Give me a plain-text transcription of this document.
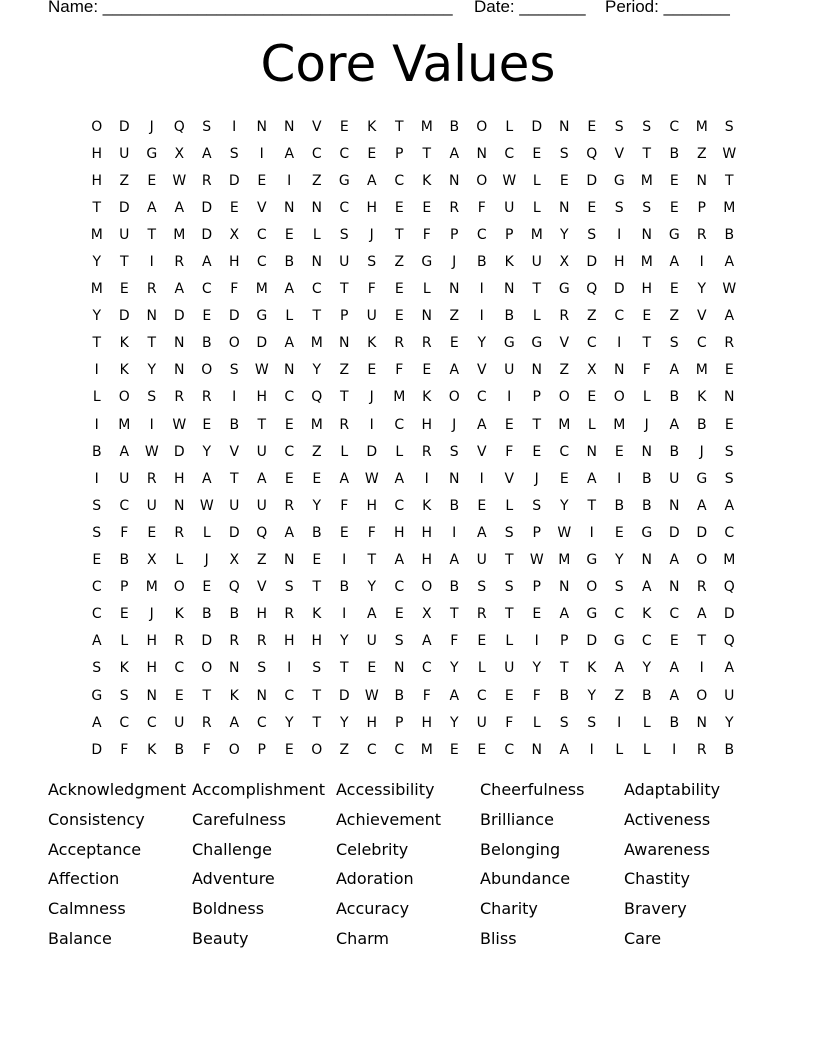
Name: _____________________________________ Date: _______ Period: _______
Core Values
O	D	J	Q	S	I	N	N	V	E	K	T	M	B	O	L	D	N	E	S	S	C	M	S
H	U	G	X	A	S	I	A	C	C	E	P	T	A	N	C	E	S	Q	V	T	B	Z	W
H	Z	E	W	R	D	E	I	Z	G	A	C	K	N	O	W	L	E	D	G	M	E	N	T
T	D	A	A	D	E	V	N	N	C	H	E	E	R	F	U	L	N	E	S	S	E	P	M
M	U	T	M	D	X	C	E	L	S	J	T	F	P	C	P	M	Y	S	I	N	G	R	B
Y	T	I	R	A	H	C	B	N	U	S	Z	G	J	B	K	U	X	D	H	M	A	I	A
M	E	R	A	C	F	M	A	C	T	F	E	L	N	I	N	T	G	Q	D	H	E	Y	W
Y	D	N	D	E	D	G	L	T	P	U	E	N	Z	I	B	L	R	Z	C	E	Z	V	A
T	K	T	N	B	O	D	A	M	N	K	R	R	E	Y	G	G	V	C	I	T	S	C	R
I	K	Y	N	O	S	W	N	Y	Z	E	F	E	A	V	U	N	Z	X	N	F	A	M	E
L	O	S	R	R	I	H	C	Q	T	J	M	K	O	C	I	P	O	E	O	L	B	K	N
I	M	I	W	E	B	T	E	M	R	I	C	H	J	A	E	T	M	L	M	J	A	B	E
B	A	W	D	Y	V	U	C	Z	L	D	L	R	S	V	F	E	C	N	E	N	B	J	S
I	U	R	H	A	T	A	E	E	A	W	A	I	N	I	V	J	E	A	I	B	U	G	S
S	C	U	N	W	U	U	R	Y	F	H	C	K	B	E	L	S	Y	T	B	B	N	A	A
S	F	E	R	L	D	Q	A	B	E	F	H	H	I	A	S	P	W	I	E	G	D	D	C
E	B	X	L	J	X	Z	N	E	I	T	A	H	A	U	T	W	M	G	Y	N	A	O	M
C	P	M	O	E	Q	V	S	T	B	Y	C	O	B	S	S	P	N	O	S	A	N	R	Q
C	E	J	K	B	B	H	R	K	I	A	E	X	T	R	T	E	A	G	C	K	C	A	D
A	L	H	R	D	R	R	H	H	Y	U	S	A	F	E	L	I	P	D	G	C	E	T	Q
S	K	H	C	O	N	S	I	S	T	E	N	C	Y	L	U	Y	T	K	A	Y	A	I	A
G	S	N	E	T	K	N	C	T	D	W	B	F	A	C	E	F	B	Y	Z	B	A	O	U
A	C	C	U	R	A	C	Y	T	Y	H	P	H	Y	U	F	L	S	S	I	L	B	N	Y
D	F	K	B	F	O	P	E	O	Z	C	C	M	E	E	C	N	A	I	L	L	I	R	B
Acknowledgment Accomplishment Accessibility	Cheerfulness	Adaptability
Consistency	Carefulness	Achievement	Brilliance	Activeness
Acceptance	Challenge	Celebrity	Belonging	Awareness
Affection	Adventure	Adoration	Abundance	Chastity
Calmness	Boldness	Accuracy	Charity	Bravery
Balance	Beauty	Charm	Bliss	Care
